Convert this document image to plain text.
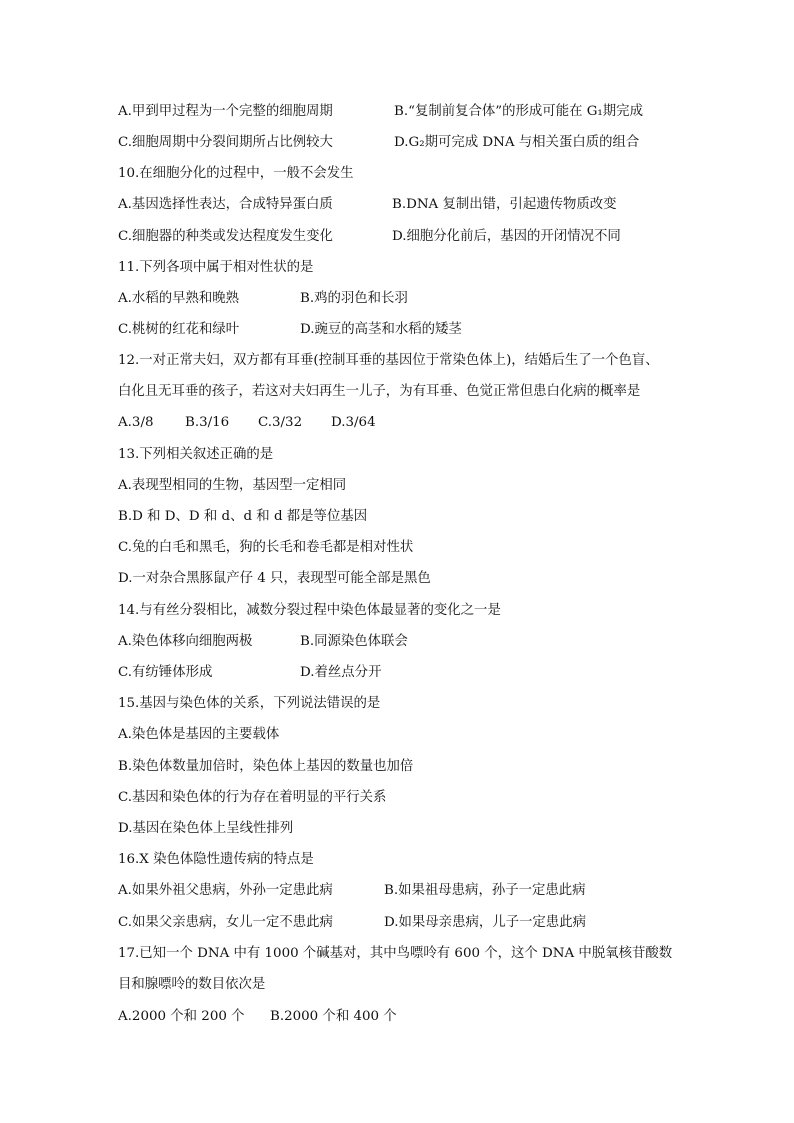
A.甲到甲过程为一个完整的细胞周期	B.“复制前复合体”的形成可能在 G₁期完成
C.细胞周期中分裂间期所占比例较大	D.G₂期可完成 DNA 与相关蛋白质的组合
10.在细胞分化的过程中，一般不会发生
A.基因选择性表达，合成特异蛋白质	B.DNA 复制出错，引起遗传物质改变
C.细胞器的种类或发达程度发生变化	D.细胞分化前后，基因的开闭情况不同
11.下列各项中属于相对性状的是
A.水稻的早熟和晚熟	B.鸡的羽色和长羽
C.桃树的红花和绿叶	D.豌豆的高茎和水稻的矮茎
12.一对正常夫妇，双方都有耳垂(控制耳垂的基因位于常染色体上)，结婚后生了一个色盲、
白化且无耳垂的孩子，若这对夫妇再生一儿子，为有耳垂、色觉正常但患白化病的概率是
A.3/8 B.3/16 C.3/32 D.3/64
13.下列相关叙述正确的是
A.表现型相同的生物，基因型一定相同
B.D 和 D、D 和 d、d 和 d 都是等位基因
C.兔的白毛和黑毛，狗的长毛和卷毛都是相对性状
D.一对杂合黑豚鼠产仔 4 只，表现型可能全部是黑色
14.与有丝分裂相比，减数分裂过程中染色体最显著的变化之一是
A.染色体移向细胞两极	B.同源染色体联会
C.有纺锤体形成	D.着丝点分开
15.基因与染色体的关系，下列说法错误的是
A.染色体是基因的主要载体
B.染色体数量加倍时，染色体上基因的数量也加倍
C.基因和染色体的行为存在着明显的平行关系
D.基因在染色体上呈线性排列
16.X 染色体隐性遗传病的特点是
A.如果外祖父患病，外孙一定患此病	B.如果祖母患病，孙子一定患此病
C.如果父亲患病，女儿一定不患此病	D.如果母亲患病，儿子一定患此病
17.已知一个 DNA 中有 1000 个碱基对，其中鸟嘌呤有 600 个，这个 DNA 中脱氧核苷酸数
目和腺嘌呤的数目依次是
A.2000 个和 200 个 B.2000 个和 400 个
